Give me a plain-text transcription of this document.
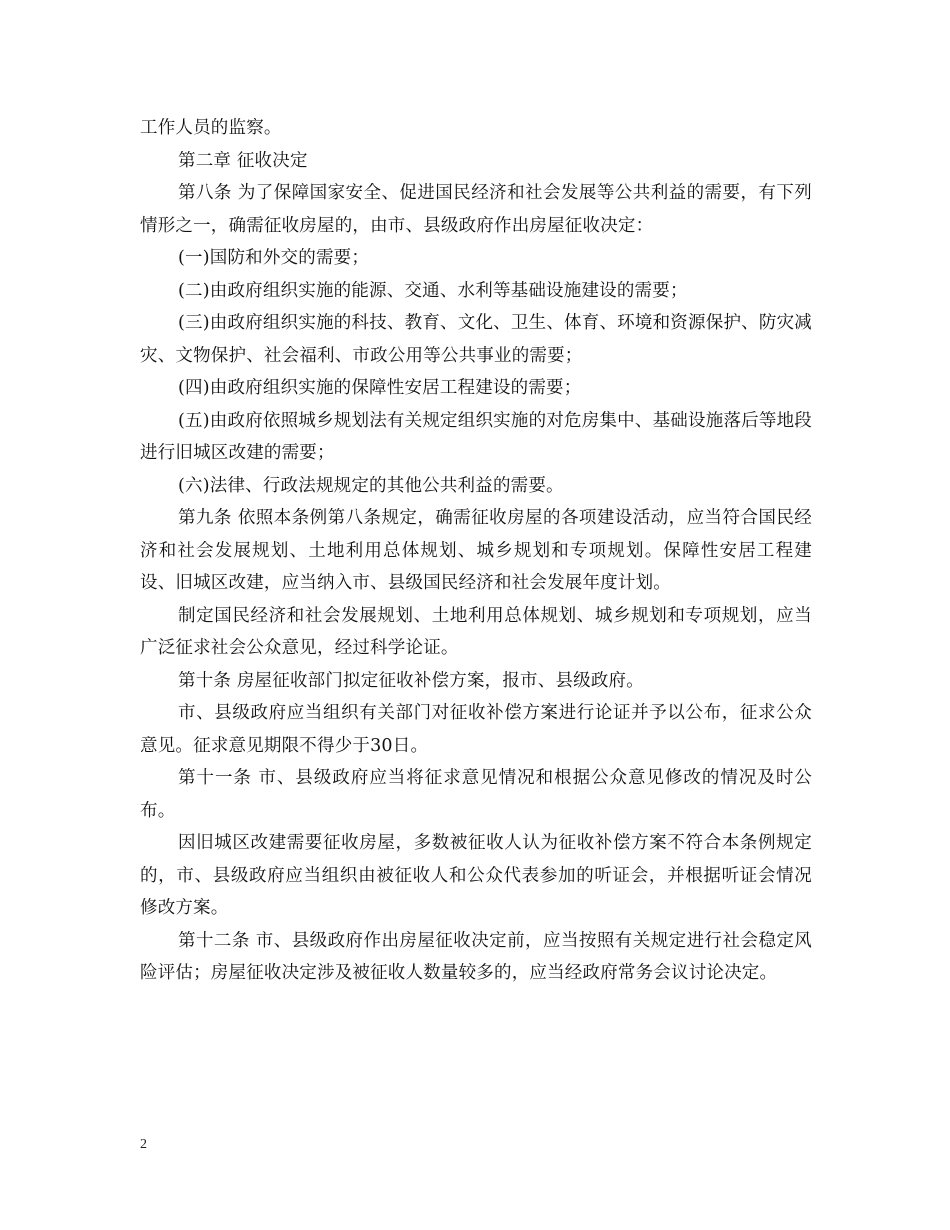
工作人员的监察。

第二章 征收决定

第八条 为了保障国家安全、促进国民经济和社会发展等公共利益的需要，有下列情形之一，确需征收房屋的，由市、县级政府作出房屋征收决定：

(一)国防和外交的需要；

(二)由政府组织实施的能源、交通、水利等基础设施建设的需要；

(三)由政府组织实施的科技、教育、文化、卫生、体育、环境和资源保护、防灾减灾、文物保护、社会福利、市政公用等公共事业的需要；

(四)由政府组织实施的保障性安居工程建设的需要；

(五)由政府依照城乡规划法有关规定组织实施的对危房集中、基础设施落后等地段进行旧城区改建的需要；

(六)法律、行政法规规定的其他公共利益的需要。

第九条 依照本条例第八条规定，确需征收房屋的各项建设活动，应当符合国民经济和社会发展规划、土地利用总体规划、城乡规划和专项规划。保障性安居工程建设、旧城区改建，应当纳入市、县级国民经济和社会发展年度计划。

制定国民经济和社会发展规划、土地利用总体规划、城乡规划和专项规划，应当广泛征求社会公众意见，经过科学论证。

第十条 房屋征收部门拟定征收补偿方案，报市、县级政府。

市、县级政府应当组织有关部门对征收补偿方案进行论证并予以公布，征求公众意见。征求意见期限不得少于30日。

第十一条 市、县级政府应当将征求意见情况和根据公众意见修改的情况及时公布。

因旧城区改建需要征收房屋，多数被征收人认为征收补偿方案不符合本条例规定的，市、县级政府应当组织由被征收人和公众代表参加的听证会，并根据听证会情况修改方案。

第十二条 市、县级政府作出房屋征收决定前，应当按照有关规定进行社会稳定风险评估；房屋征收决定涉及被征收人数量较多的，应当经政府常务会议讨论决定。

2
